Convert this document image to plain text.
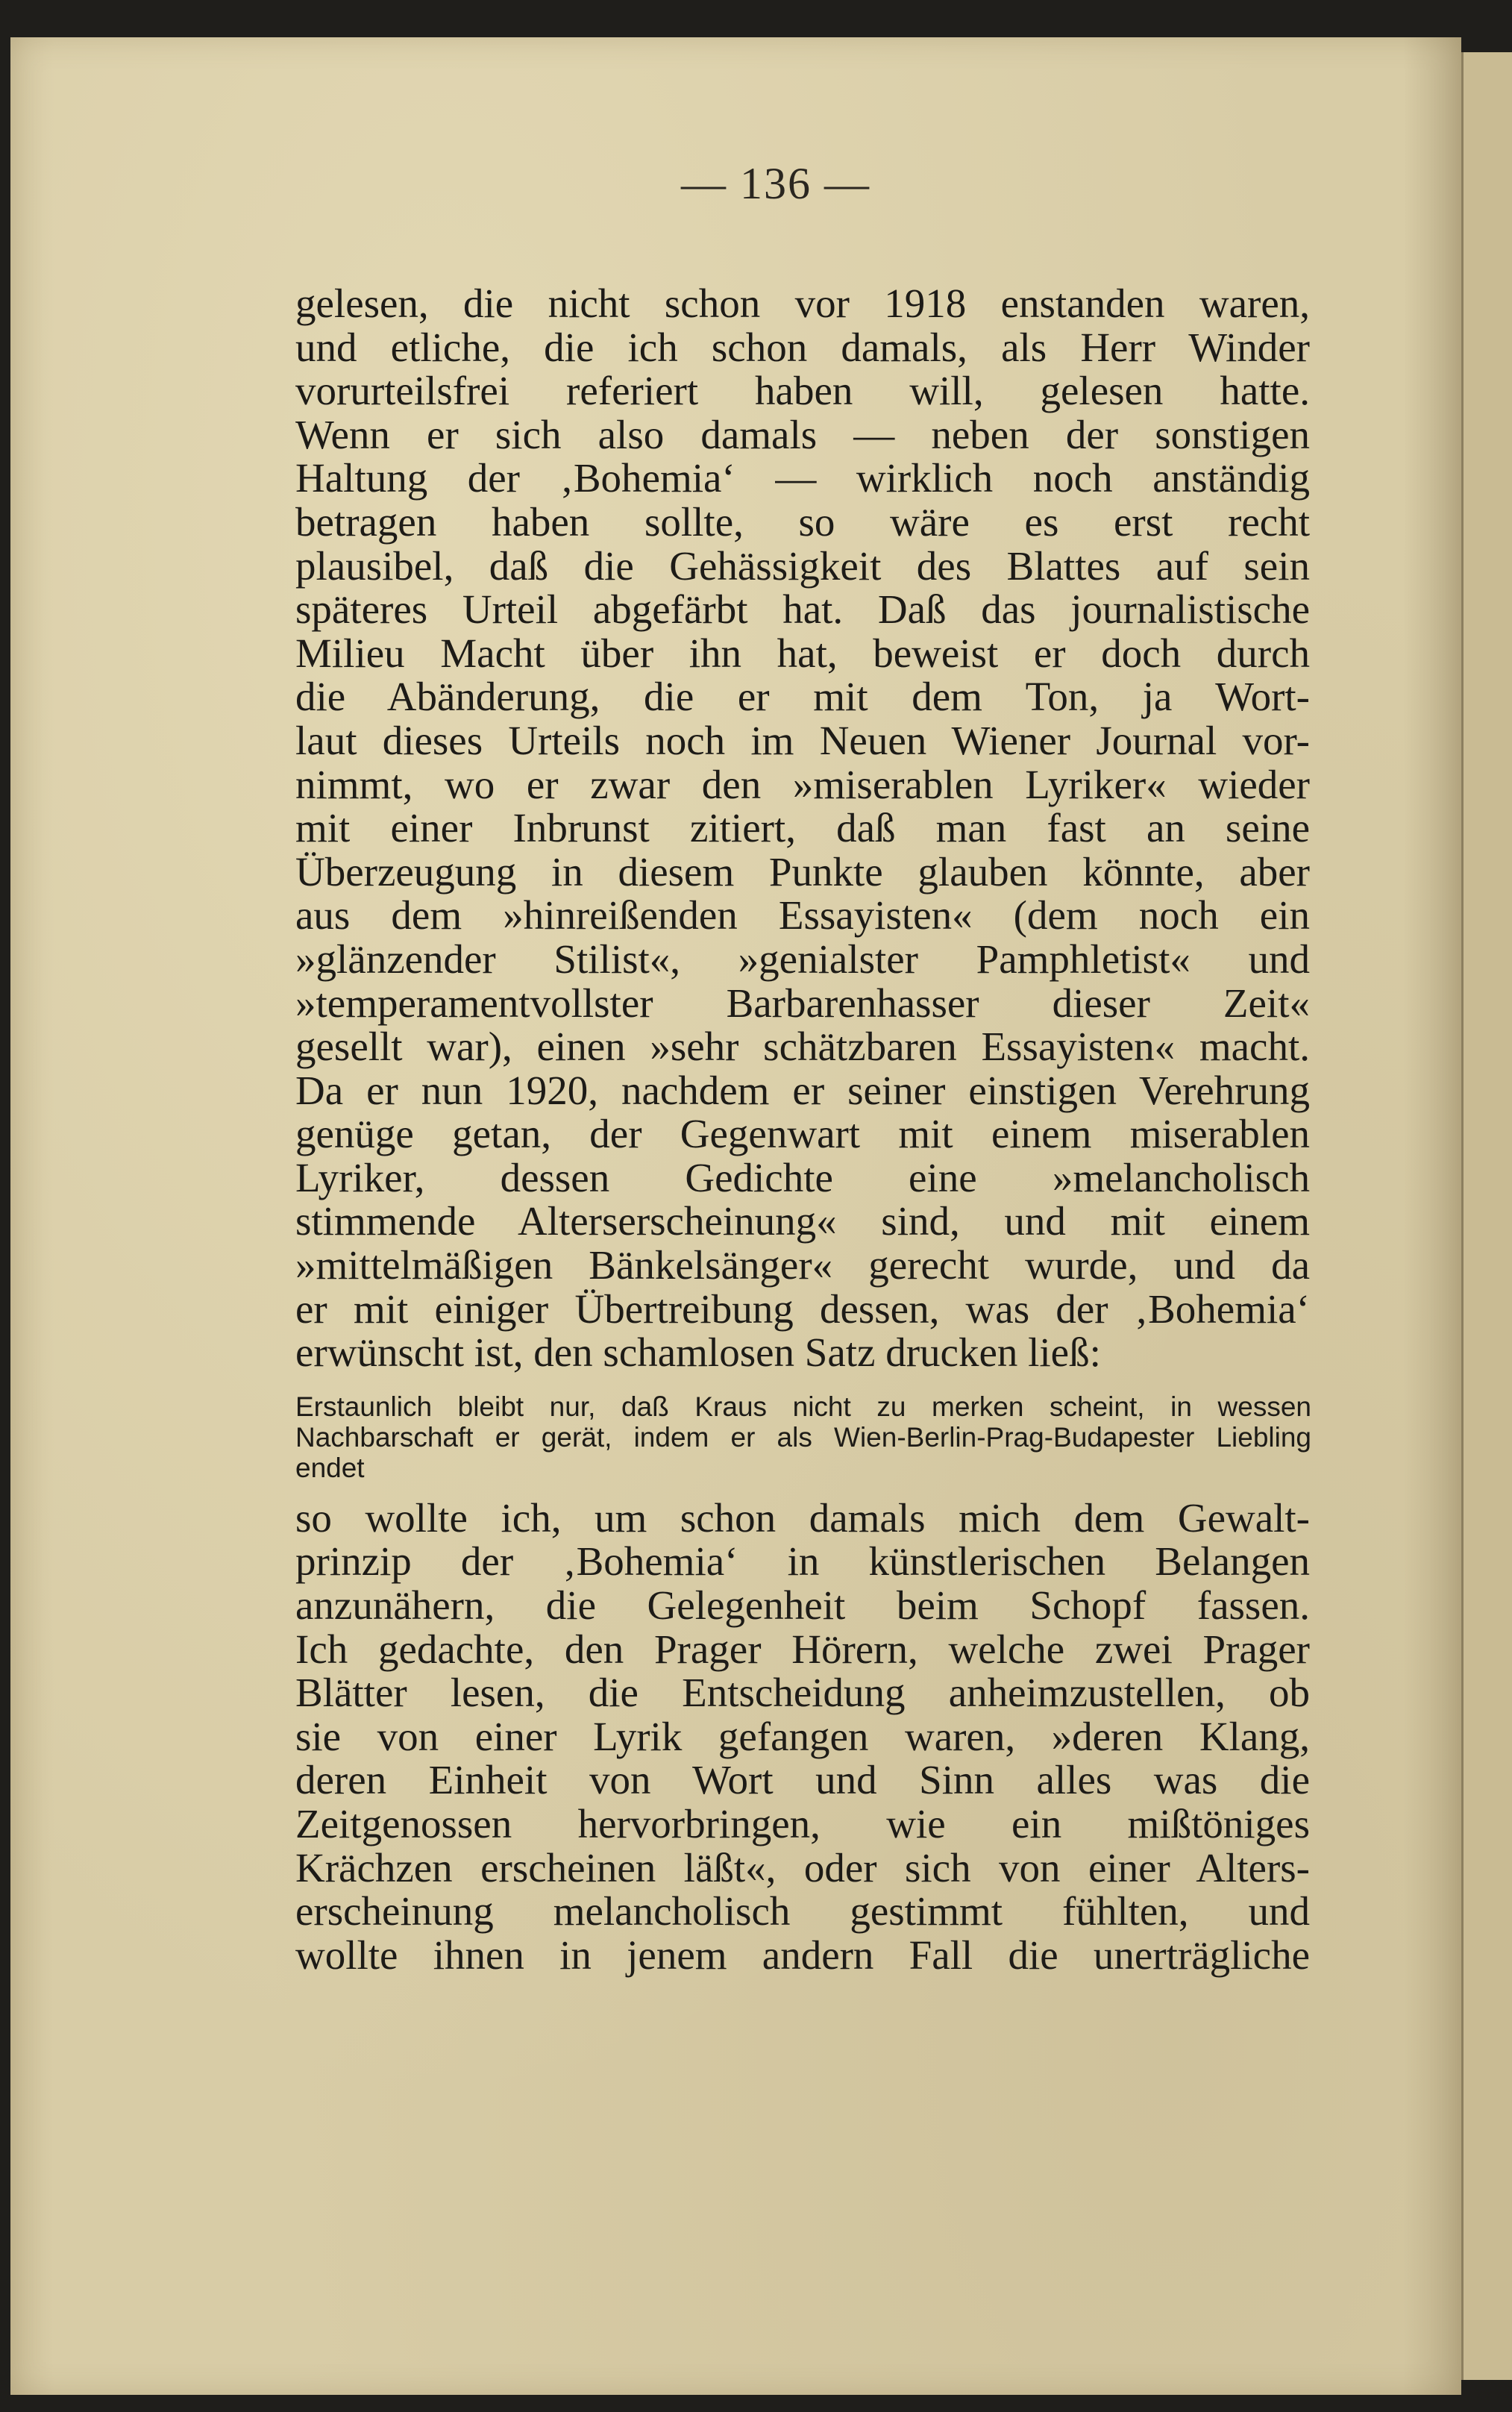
— 136 —
gelesen, die nicht schon vor 1918 enstanden waren,
und etliche, die ich schon damals, als Herr Winder
vorurteilsfrei referiert haben will, gelesen hatte.
Wenn er sich also damals — neben der sonstigen
Haltung der ‚Bohemia‘ — wirklich noch anständig
betragen haben sollte, so wäre es erst recht
plausibel, daß die Gehässigkeit des Blattes auf sein
späteres Urteil abgefärbt hat. Daß das journalistische
Milieu Macht über ihn hat, beweist er doch durch
die Abänderung, die er mit dem Ton, ja Wort-
laut dieses Urteils noch im Neuen Wiener Journal vor-
nimmt, wo er zwar den »miserablen Lyriker« wieder
mit einer Inbrunst zitiert, daß man fast an seine
Überzeugung in diesem Punkte glauben könnte, aber
aus dem »hinreißenden Essayisten« (dem noch ein
»glänzender Stilist«, »genialster Pamphletist« und
»temperamentvollster Barbarenhasser dieser Zeit«
gesellt war), einen »sehr schätzbaren Essayisten« macht.
Da er nun 1920, nachdem er seiner einstigen Verehrung
genüge getan, der Gegenwart mit einem miserablen
Lyriker, dessen Gedichte eine »melancholisch
stimmende Alterserscheinung« sind, und mit einem
»mittelmäßigen Bänkelsänger« gerecht wurde, und da
er mit einiger Übertreibung dessen, was der ‚Bohemia‘
erwünscht ist, den schamlosen Satz drucken ließ:
Erstaunlich bleibt nur, daß Kraus nicht zu merken scheint, in wessen
Nachbarschaft er gerät, indem er als Wien-Berlin-Prag-Budapester Liebling
endet
so wollte ich, um schon damals mich dem Gewalt-
prinzip der ‚Bohemia‘ in künstlerischen Belangen
anzunähern, die Gelegenheit beim Schopf fassen.
Ich gedachte, den Prager Hörern, welche zwei Prager
Blätter lesen, die Entscheidung anheimzustellen, ob
sie von einer Lyrik gefangen waren, »deren Klang,
deren Einheit von Wort und Sinn alles was die
Zeitgenossen hervorbringen, wie ein mißtöniges
Krächzen erscheinen läßt«, oder sich von einer Alters-
erscheinung melancholisch gestimmt fühlten, und
wollte ihnen in jenem andern Fall die unerträgliche
